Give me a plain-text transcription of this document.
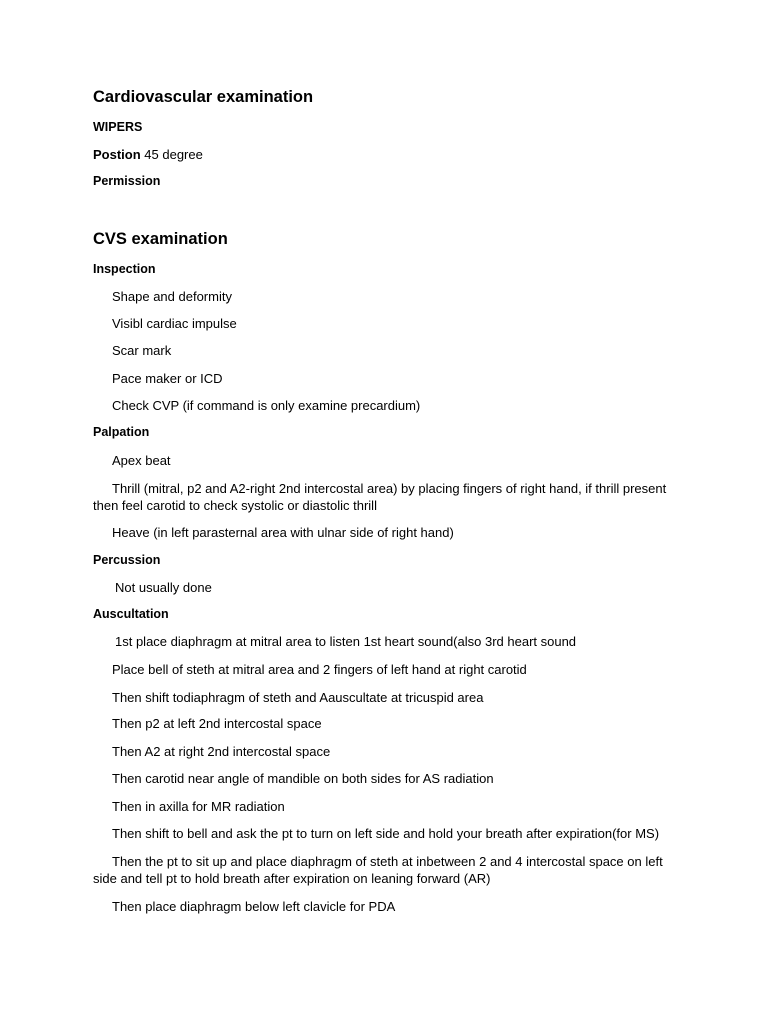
Cardiovascular examination
WIPERS
Postion 45 degree
Permission
CVS examination
Inspection
Shape and deformity
Visibl cardiac impulse
Scar mark
Pace maker or ICD
Check CVP (if command is only examine precardium)
Palpation
Apex beat
Thrill (mitral, p2 and A2-right 2nd intercostal area) by placing fingers of right hand, if thrill present then feel carotid to check systolic or diastolic thrill
Heave (in left parasternal area with ulnar side of right hand)
Percussion
Not usually done
Auscultation
1st place diaphragm at mitral area to listen 1st heart sound(also 3rd heart sound
Place bell of steth at mitral area and 2 fingers of left hand at right carotid
Then shift todiaphragm of steth and Aauscultate at tricuspid area
Then p2 at left 2nd intercostal space
Then A2 at right 2nd intercostal space
Then carotid near angle of mandible on both sides for AS radiation
Then in axilla for MR radiation
Then shift to bell and ask the pt to turn on left side and hold your breath after expiration(for MS)
Then the pt to sit up and place diaphragm of steth at inbetween 2 and 4 intercostal space on left side and tell pt to hold breath after expiration on leaning forward (AR)
Then place diaphragm below left clavicle for PDA
